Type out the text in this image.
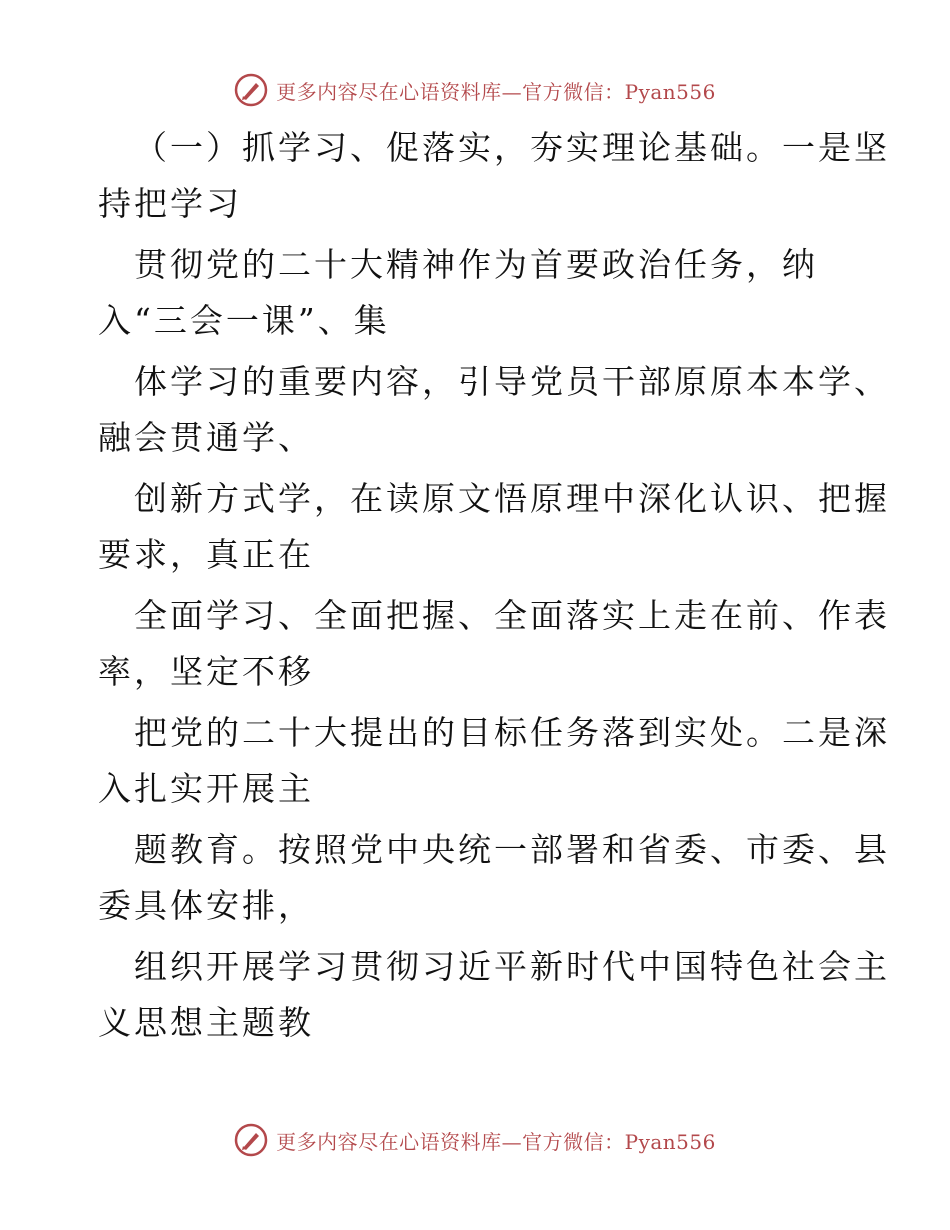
更多内容尽在心语资料库—官方微信：Pyan556
（一）抓学习、促落实，夯实理论基础。一是坚
持把学习
贯彻党的二十大精神作为首要政治任务，纳
入“三会一课”、集
体学习的重要内容，引导党员干部原原本本学、
融会贯通学、
创新方式学，在读原文悟原理中深化认识、把握
要求，真正在
全面学习、全面把握、全面落实上走在前、作表
率，坚定不移
把党的二十大提出的目标任务落到实处。二是深
入扎实开展主
题教育。按照党中央统一部署和省委、市委、县
委具体安排，
组织开展学习贯彻习近平新时代中国特色社会主
义思想主题教
更多内容尽在心语资料库—官方微信：Pyan556
